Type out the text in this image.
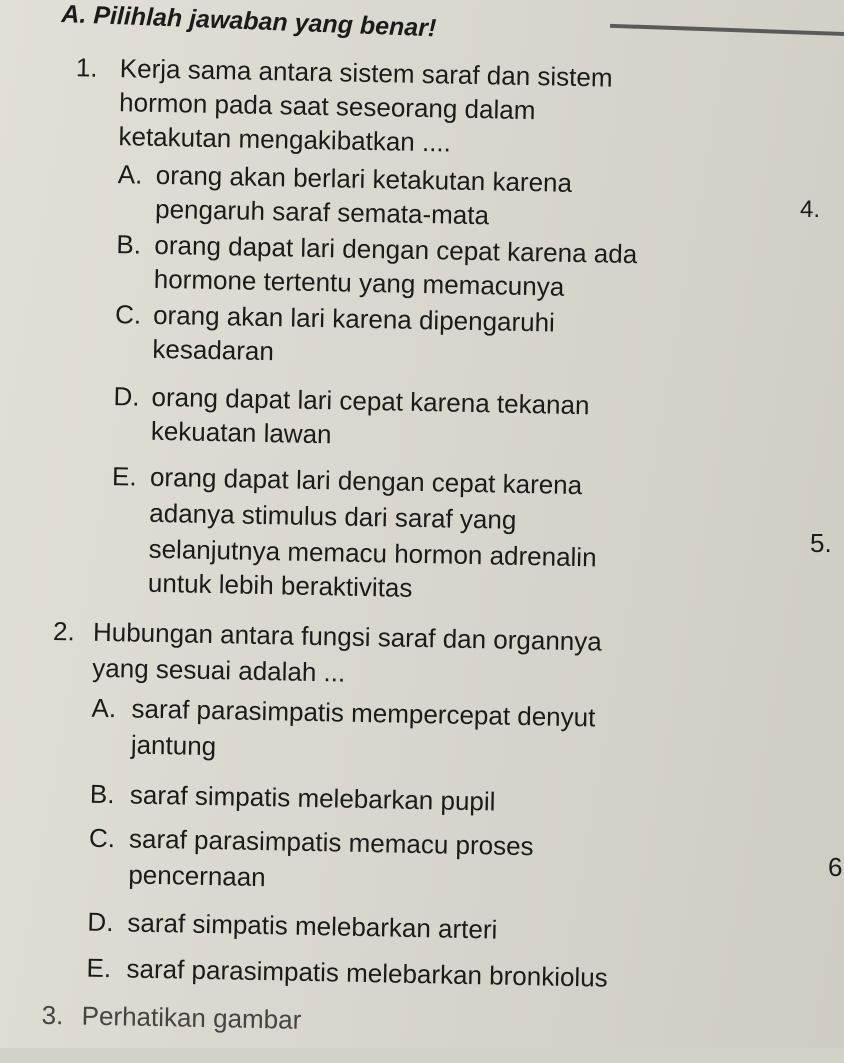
A. Pilihlah jawaban yang benar!
1. Kerja sama antara sistem saraf dan sistem
hormon pada saat seseorang dalam
ketakutan mengakibatkan ....
A. orang akan berlari ketakutan karena
pengaruh saraf semata-mata
B. orang dapat lari dengan cepat karena ada
hormone tertentu yang memacunya
C. orang akan lari karena dipengaruhi
kesadaran
D. orang dapat lari cepat karena tekanan
kekuatan lawan
E. orang dapat lari dengan cepat karena
adanya stimulus dari saraf yang
selanjutnya memacu hormon adrenalin
untuk lebih beraktivitas
2. Hubungan antara fungsi saraf dan organnya
yang sesuai adalah ...
A. saraf parasimpatis mempercepat denyut
jantung
B. saraf simpatis melebarkan pupil
C. saraf parasimpatis memacu proses
pencernaan
D. saraf simpatis melebarkan arteri
E. saraf parasimpatis melebarkan bronkiolus
3. Perhatikan gambar
4.
5.
6
